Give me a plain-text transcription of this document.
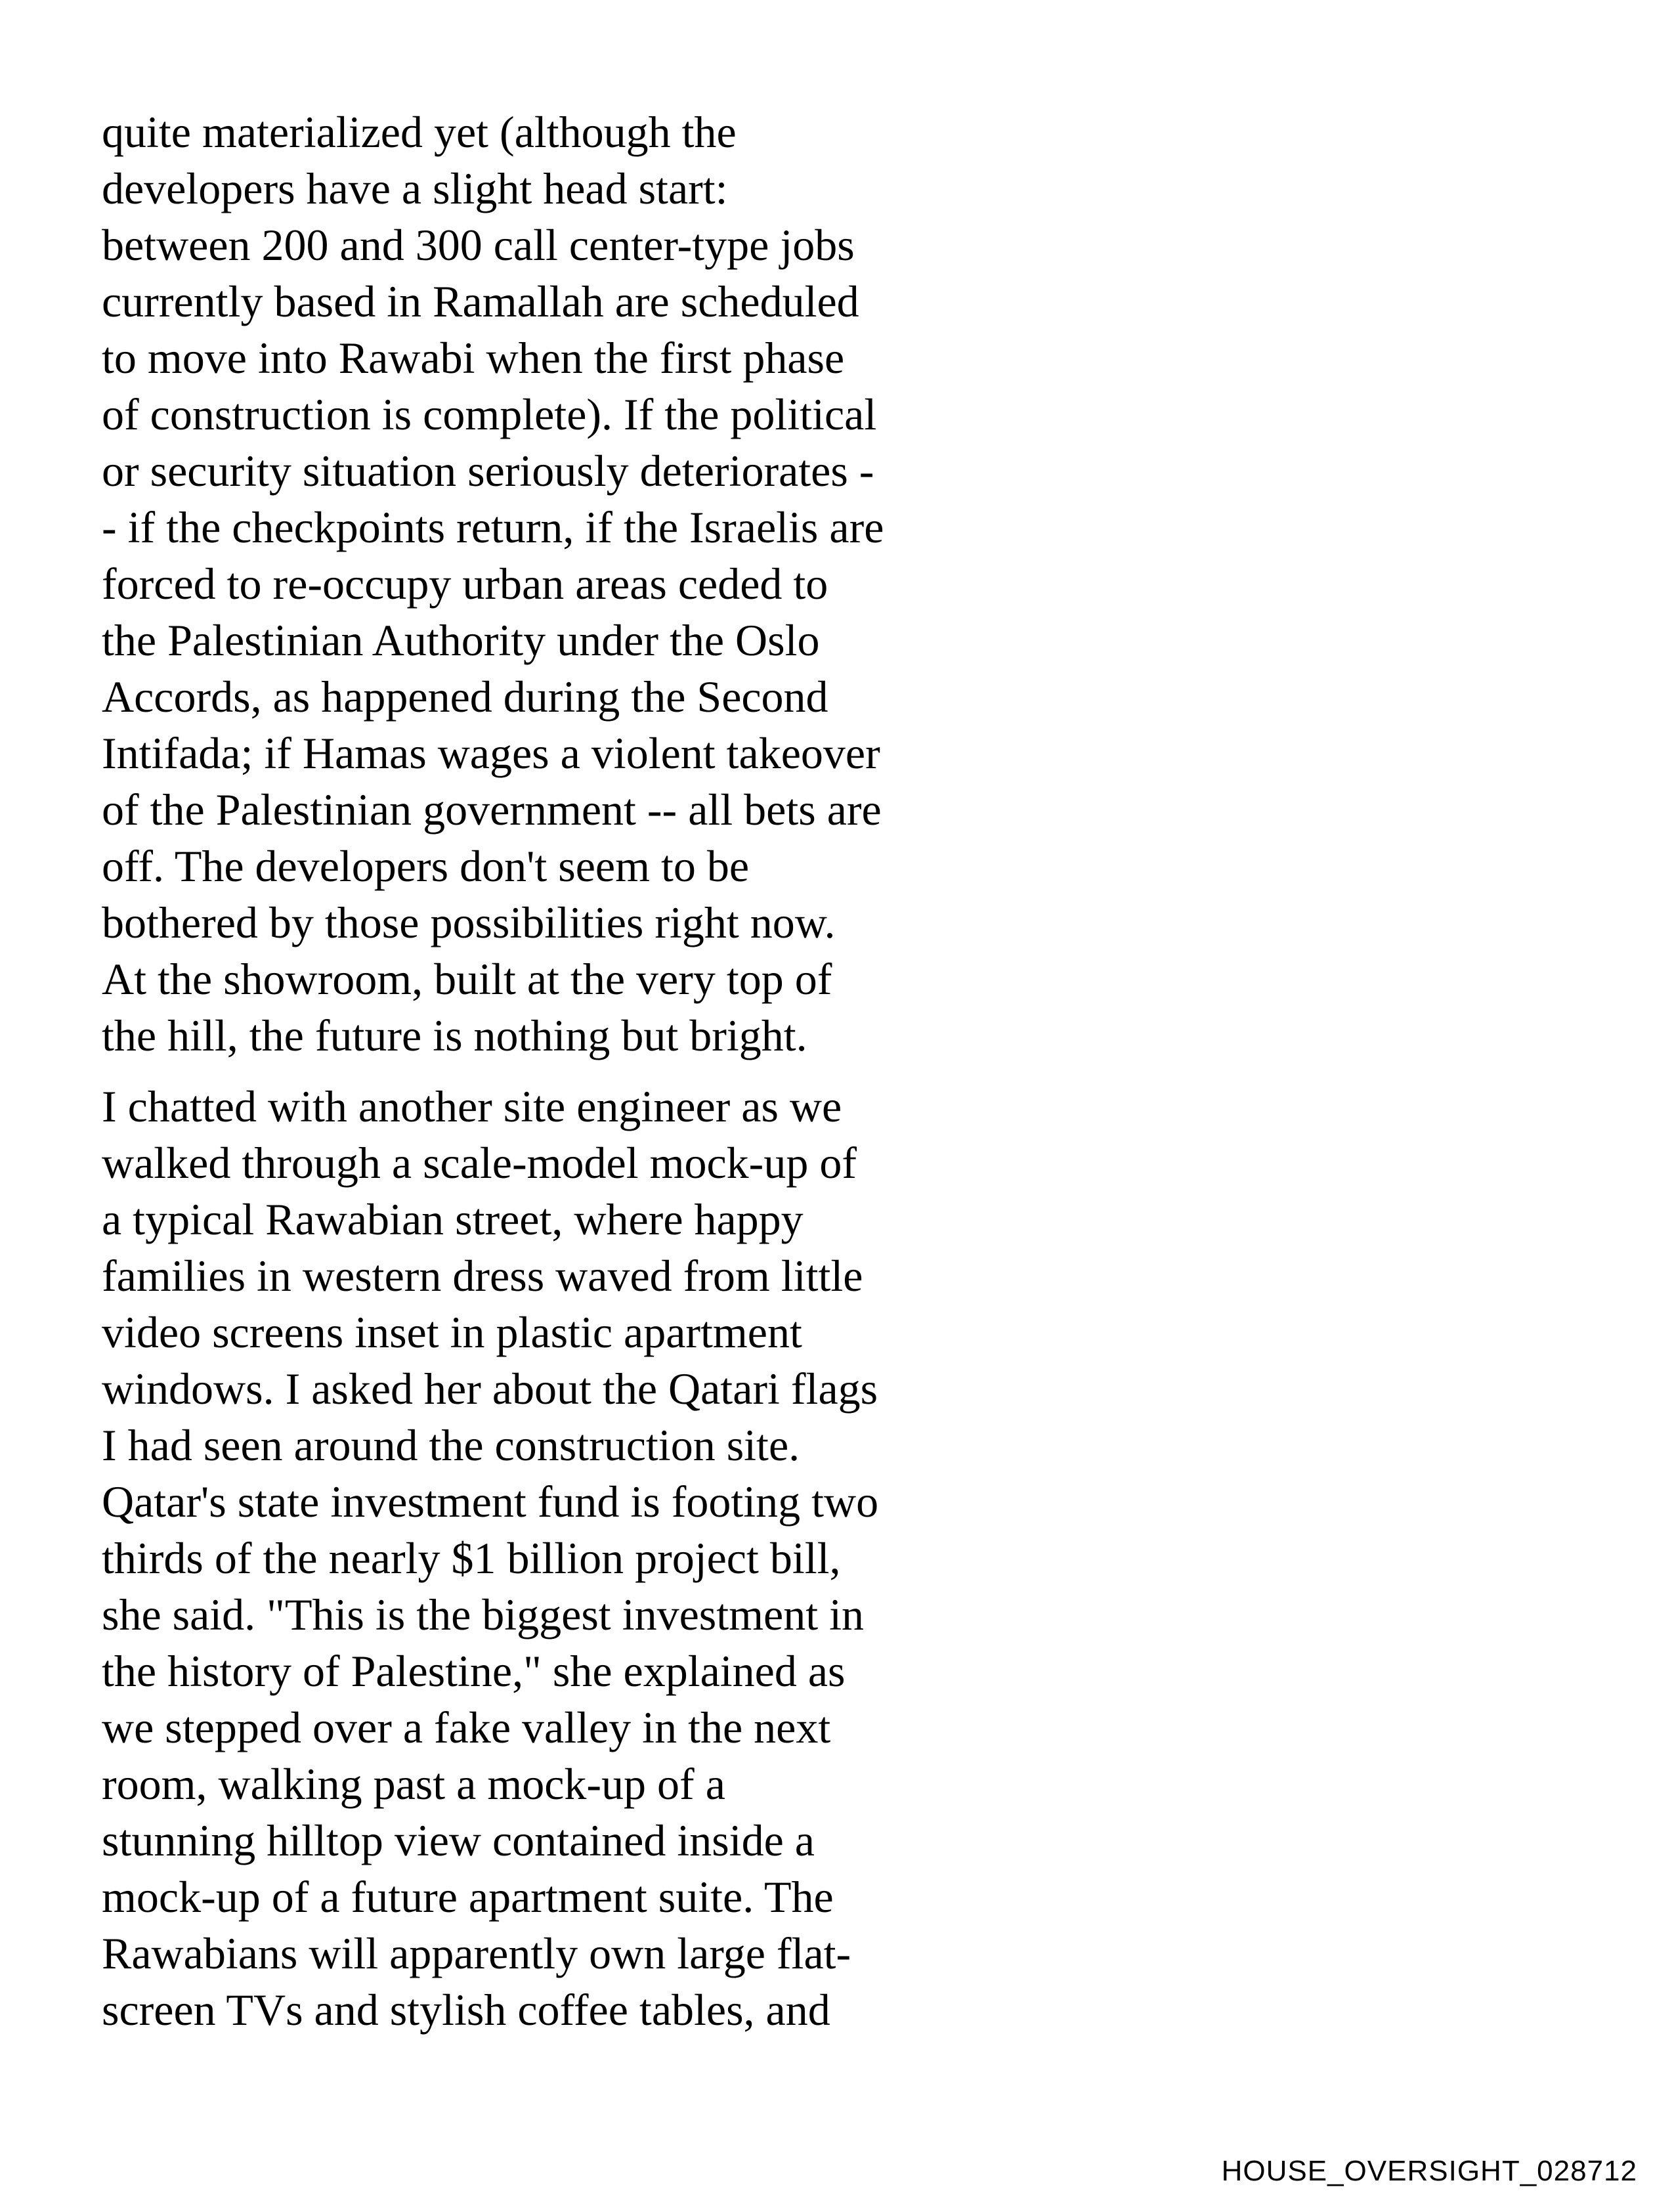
quite materialized yet (although the
developers have a slight head start:
between 200 and 300 call center-type jobs
currently based in Ramallah are scheduled
to move into Rawabi when the first phase
of construction is complete). If the political
or security situation seriously deteriorates -
- if the checkpoints return, if the Israelis are
forced to re-occupy urban areas ceded to
the Palestinian Authority under the Oslo
Accords, as happened during the Second
Intifada; if Hamas wages a violent takeover
of the Palestinian government -- all bets are
off. The developers don't seem to be
bothered by those possibilities right now.
At the showroom, built at the very top of
the hill, the future is nothing but bright.

I chatted with another site engineer as we
walked through a scale-model mock-up of
a typical Rawabian street, where happy
families in western dress waved from little
video screens inset in plastic apartment
windows. I asked her about the Qatari flags
I had seen around the construction site.
Qatar's state investment fund is footing two
thirds of the nearly $1 billion project bill,
she said. "This is the biggest investment in
the history of Palestine," she explained as
we stepped over a fake valley in the next
room, walking past a mock-up of a
stunning hilltop view contained inside a
mock-up of a future apartment suite. The
Rawabians will apparently own large flat-
screen TVs and stylish coffee tables, and

HOUSE_OVERSIGHT_028712
